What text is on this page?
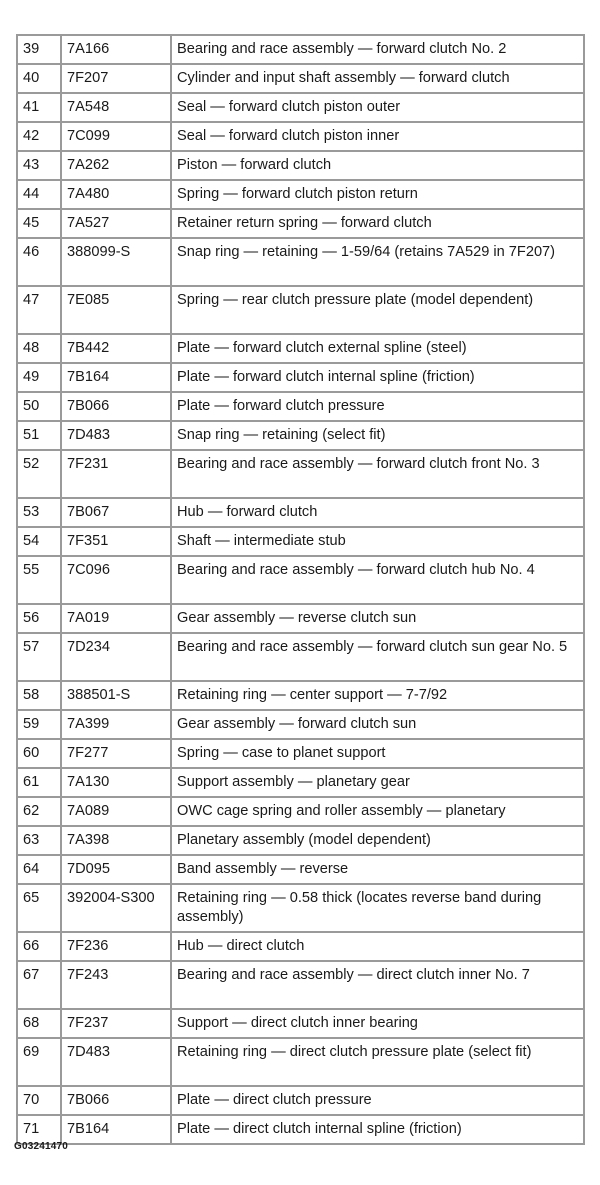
39	7A166	Bearing and race assembly — forward clutch No. 2
40	7F207	Cylinder and input shaft assembly — forward clutch
41	7A548	Seal — forward clutch piston outer
42	7C099	Seal — forward clutch piston inner
43	7A262	Piston — forward clutch
44	7A480	Spring — forward clutch piston return
45	7A527	Retainer return spring — forward clutch
46	388099-S	Snap ring — retaining — 1-59/64 (retains 7A529 in 7F207)
47	7E085	Spring — rear clutch pressure plate (model dependent)
48	7B442	Plate — forward clutch external spline (steel)
49	7B164	Plate — forward clutch internal spline (friction)
50	7B066	Plate — forward clutch pressure
51	7D483	Snap ring — retaining (select fit)
52	7F231	Bearing and race assembly — forward clutch front No. 3
53	7B067	Hub — forward clutch
54	7F351	Shaft — intermediate stub
55	7C096	Bearing and race assembly — forward clutch hub No. 4
56	7A019	Gear assembly — reverse clutch sun
57	7D234	Bearing and race assembly — forward clutch sun gear No. 5
58	388501-S	Retaining ring — center support — 7-7/92
59	7A399	Gear assembly — forward clutch sun
60	7F277	Spring — case to planet support
61	7A130	Support assembly — planetary gear
62	7A089	OWC cage spring and roller assembly — planetary
63	7A398	Planetary assembly (model dependent)
64	7D095	Band assembly — reverse
65	392004-S300	Retaining ring — 0.58 thick (locates reverse band during assembly)
66	7F236	Hub — direct clutch
67	7F243	Bearing and race assembly — direct clutch inner No. 7
68	7F237	Support — direct clutch inner bearing
69	7D483	Retaining ring — direct clutch pressure plate (select fit)
70	7B066	Plate — direct clutch pressure
71	7B164	Plate — direct clutch internal spline (friction)
G03241470
